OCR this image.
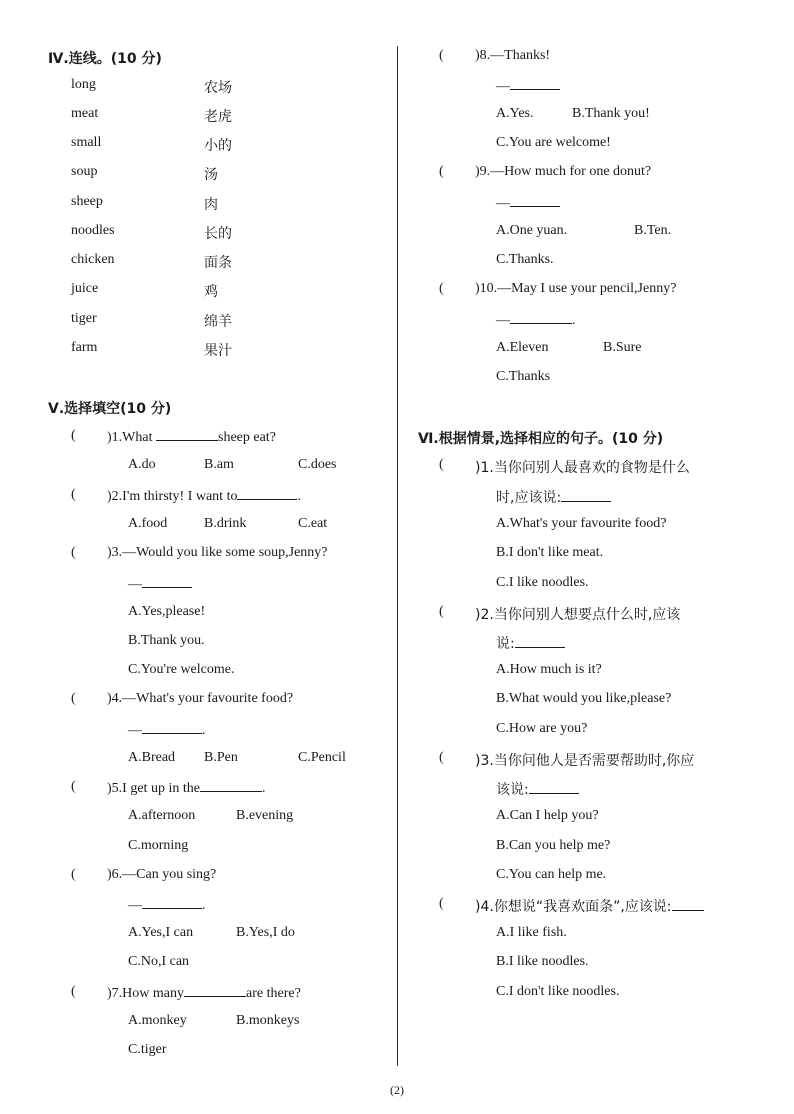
Ⅳ.连线。(10 分)
long	农场
meat	老虎
small	小的
soup	汤
sheep	肉
noodles	长的
chicken	面条
juice	鸡
tiger	绵羊
farm	果汁
Ⅴ.选择填空(10 分)
( )1.What	sheep eat?
A.do	B.am	C.does
( )2.I'm thirsty! I want to	.
A.food	B.drink	C.eat
( )3.—Would you like some soup,Jenny?
—
A.Yes,please!
B.Thank you.
C.You're welcome.
( )4.—What's your favourite food?
—	.
A.Bread B.Pen	C.Pencil
( )5.I get up in the	.
A.afternoon	B.evening
C.morning
( )6.—Can you sing?
—	.
A.Yes,I can	B.Yes,I do
C.No,I can
( )7.How many	are there?
A.monkey	B.monkeys
C.tiger
( )8.—Thanks!
—
A.Yes.	B.Thank you!
C.You are welcome!
( )9.—How much for one donut?
—
A.One yuan.	B.Ten.
C.Thanks.
( )10.—May I use your pencil,Jenny?
—	.
A.Eleven	B.Sure
C.Thanks
Ⅵ.根据情景,选择相应的句子。(10 分)
( )1.当你问别人最喜欢的食物是什么
时,应该说:
A.What's your favourite food?
B.I don't like meat.
C.I like noodles.
( )2.当你问别人想要点什么时,应该
说:
A.How much is it?
B.What would you like,please?
C.How are you?
( )3.当你问他人是否需要帮助时,你应
该说:
A.Can I help you?
B.Can you help me?
C.You can help me.
( )4.你想说“我喜欢面条”,应该说:
A.I like fish.
B.I like noodles.
C.I don't like noodles.
(2)
